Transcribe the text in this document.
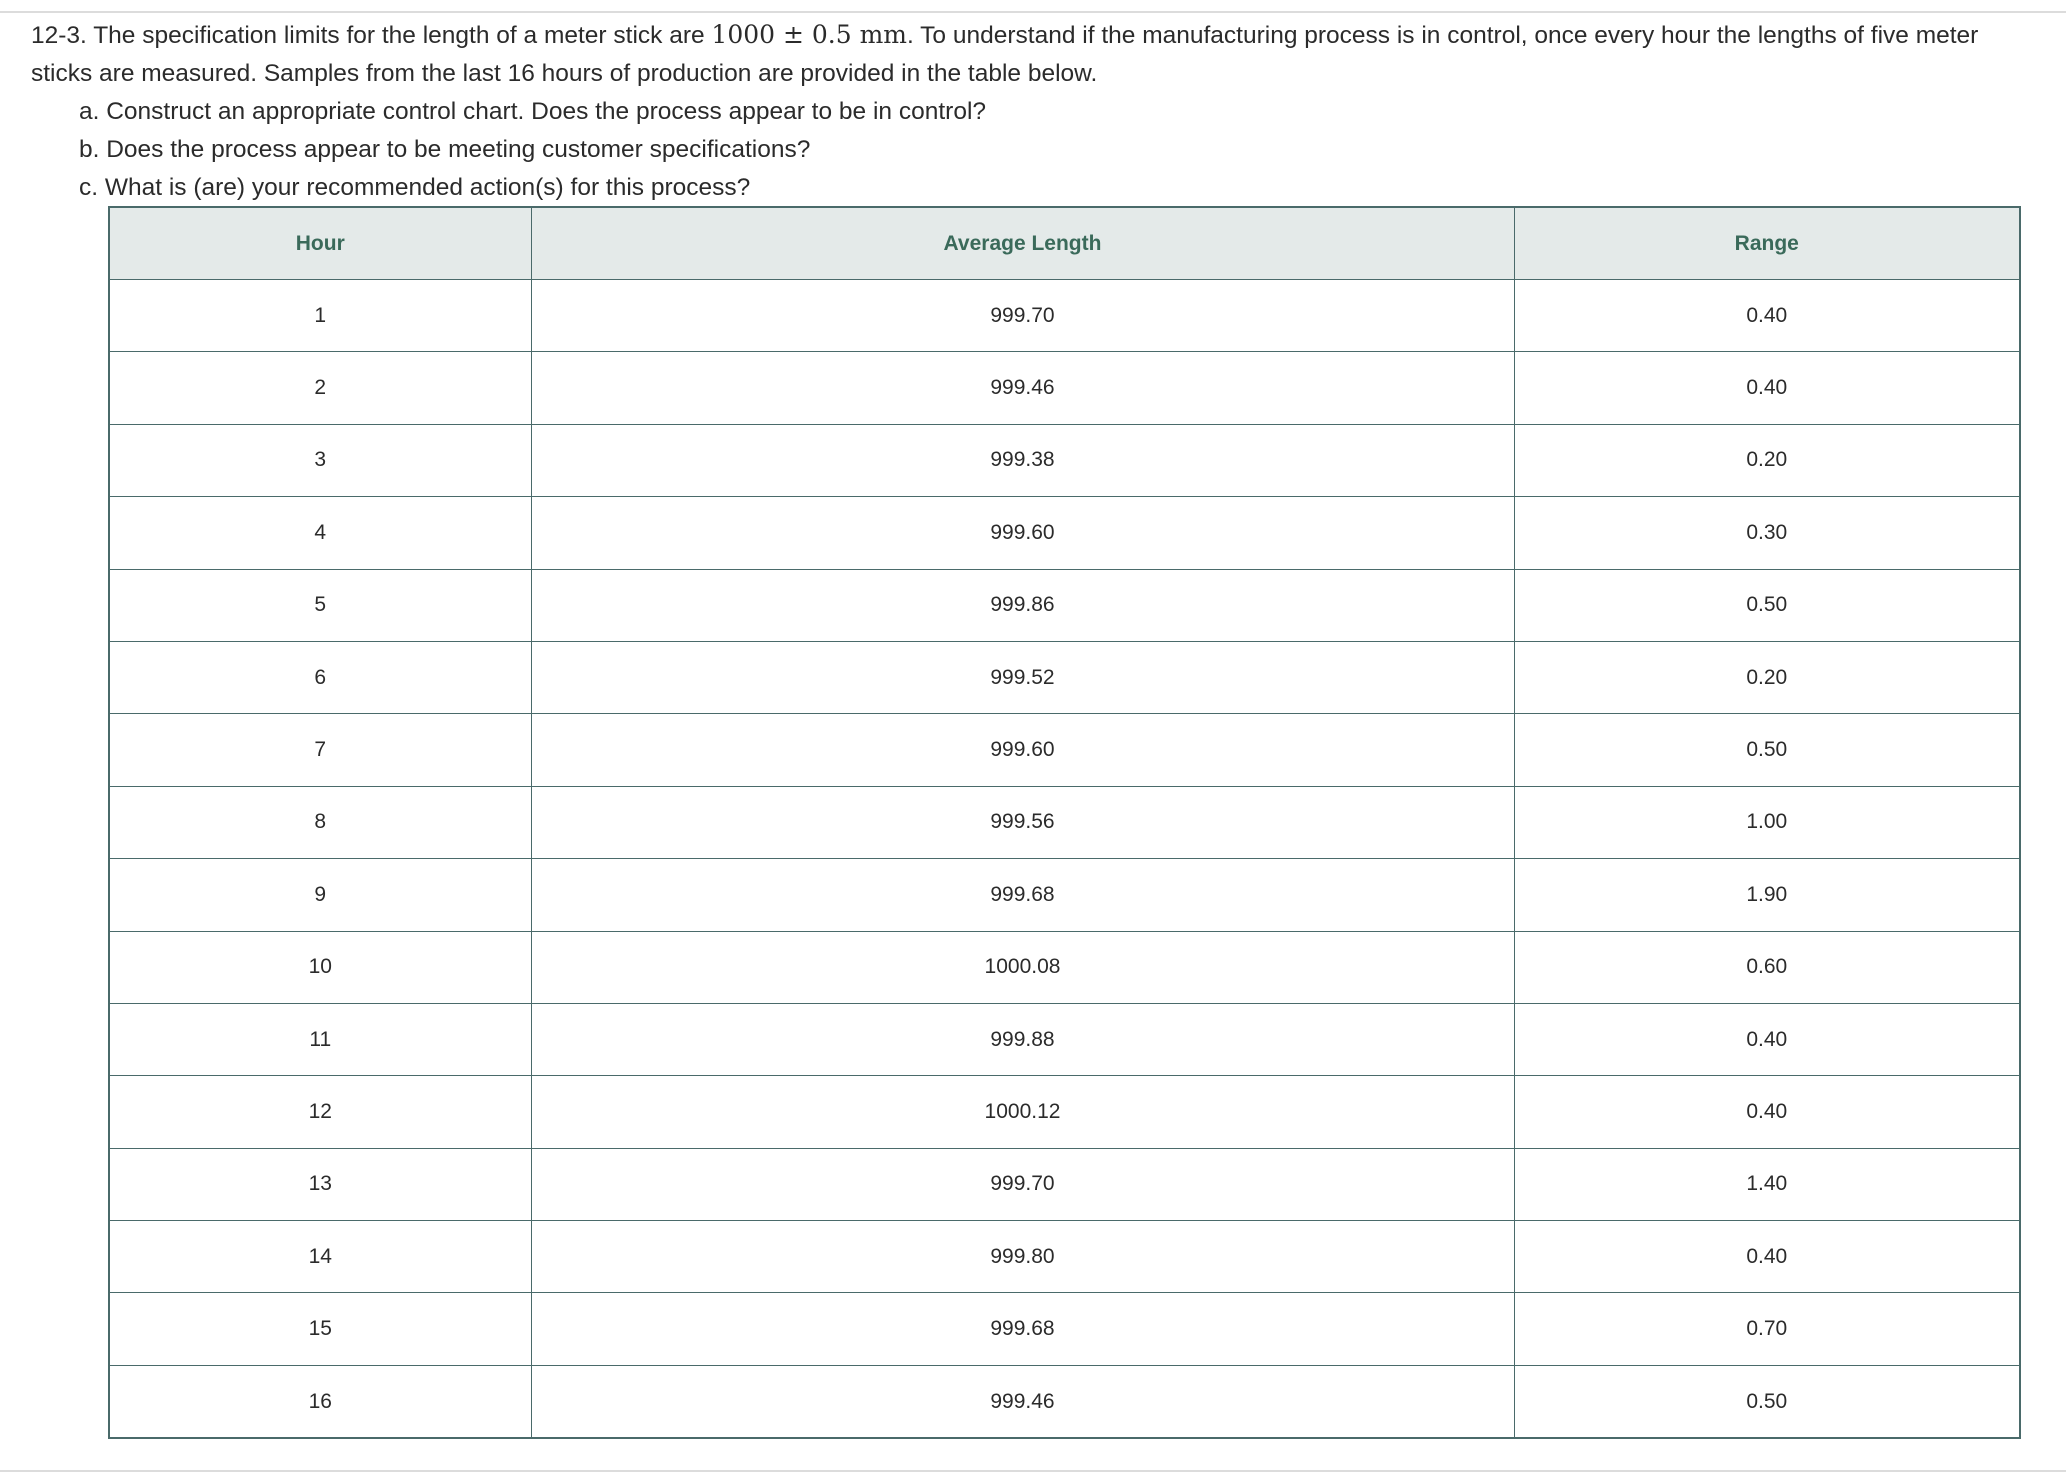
12-3. The specification limits for the length of a meter stick are 1000 ± 0.5 mm. To understand if the manufacturing process is in control, once every hour the lengths of five meter sticks are measured. Samples from the last 16 hours of production are provided in the table below.
a. Construct an appropriate control chart. Does the process appear to be in control?
b. Does the process appear to be meeting customer specifications?
c. What is (are) your recommended action(s) for this process?
Hour	Average Length	Range
1	999.70	0.40
2	999.46	0.40
3	999.38	0.20
4	999.60	0.30
5	999.86	0.50
6	999.52	0.20
7	999.60	0.50
8	999.56	1.00
9	999.68	1.90
10	1000.08	0.60
11	999.88	0.40
12	1000.12	0.40
13	999.70	1.40
14	999.80	0.40
15	999.68	0.70
16	999.46	0.50
